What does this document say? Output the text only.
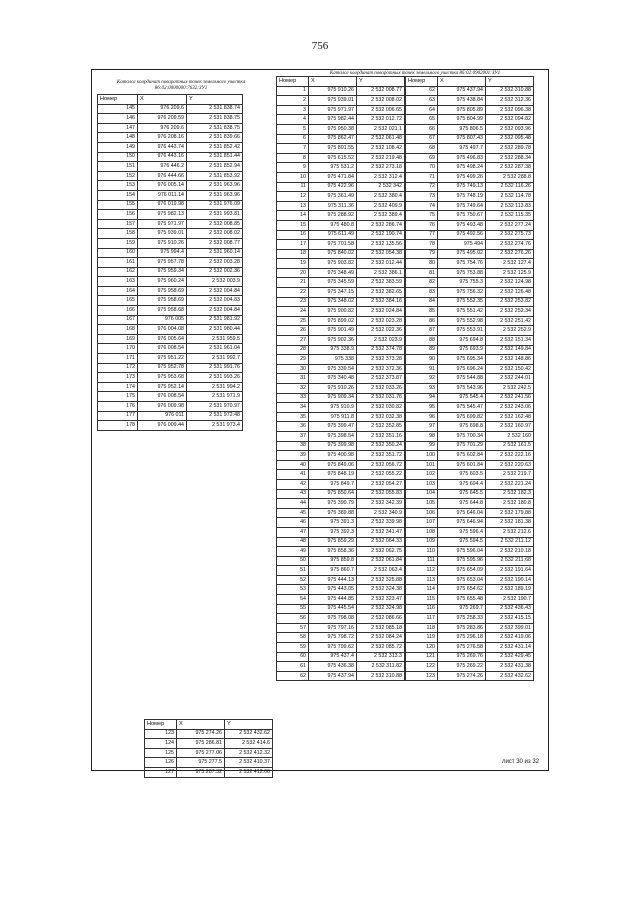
756
Каталог координат поворотных точек земельного участка 86:02:0000000:7632:ЗУ1
Каталог координат поворотных точек земельного участка 86:02:0902001:ЗУ1
Номер	X	Y
145	976 209.6	2 531 838.74
146	976 209.59	2 531 838.75
147	976 209.6	2 531 838.75
148	976 208.16	2 531 839.66
149	976 443.74	2 531 852.42
150	976 443.16	2 531 851.44
151	976 446.2	2 531 852.94
152	976 444.66	2 531 853.92
153	976 005.14	2 531 963.96
154	976 011.14	2 531 963.96
155	976 019.98	2 531 976.09
156	975 982.13	2 531 993.81
157	975 971.97	2 532 008.85
158	975 939.01	2 532 008.02
159	975 910.26	2 532 008.77
160	975 994.4	2 531 960.14
161	975 957.78	2 532 003.28
162	975 959.34	2 532 002.36
163	975 960.24	2 532 003.9
164	975 958.69	2 532 004.84
165	975 958.69	2 532 004.83
166	975 958.68	2 532 004.84
167	976 005	2 531 981.92
168	976 004.08	2 531 980.44
169	976 005.64	2 531 959.5
170	976 008.54	2 531 961.04
171	975 951.22	2 531 992.7
172	975 952.78	2 531 991.76
173	975 953.68	2 531 993.26
174	975 952.14	2 531 994.2
175	976 008.54	2 531 971.9
176	976 009.98	2 531 970.97
177	976 011	2 531 972.48
178	976 009.44	2 531 973.4
Номер	X	Y
123	975 274.26	2 532 432.62
124	975 286.81	2 532 414.6
125	975 277.06	2 532 412.32
126	975 277.5	2 532 410.37
127	975 287.32	2 532 412.66
Номер	X	Y
1	975 910.26	2 532 008.77
2	975 939.01	2 532 008.02
3	975 971.97	2 532 006.65
4	975 982.44	2 532 012.72
5	975 950.38	2 532 021.1
6	975 862.47	2 532 061.48
7	975 801.55	2 532 108.42
8	975 615.52	2 532 219.48
9	975 531.2	2 532 273.18
10	975 471.84	2 532 312.4
11	975 422.96	2 532 342
12	975 361.49	2 532 380.4
13	975 311.36	2 532 409.9
14	975 288.92	2 532 389.4
15	975 480.8	2 532 286.74
16	975 611.49	2 532 190.74
17	975 701.58	2 532 135.56
18	975 840.02	2 532 054.38
19	975 903.82	2 532 012.44
20	975 348.49	2 532 386.1
21	975 345.59	2 532 383.59
22	975 347.15	2 532 382.65
23	975 348.02	2 532 384.16
24	975 900.82	2 532 024.84
25	975 899.02	2 532 023.28
26	975 901.49	2 532 022.36
27	975 902.36	2 532 023.9
28	975 338.9	2 532 374.78
29	975 338	2 532 373.28
30	975 339.54	2 532 372.36
31	975 340.48	2 532 373.87
32	975 910.26	2 532 033.26
33	975 909.34	2 532 031.76
34	975 910.9	2 532 030.82
35	975 911.8	2 532 032.38
36	975 399.47	2 532 352.85
37	975 398.54	2 532 351.16
38	975 399.98	2 532 350.24
39	975 400.98	2 532 351.72
40	975 849.06	2 532 056.72
41	975 848.19	2 532 055.22
42	975 849.7	2 532 054.27
43	975 850.64	2 532 055.83
44	975 390.79	2 532 342.39
45	975 389.88	2 532 340.9
46	975 391.3	2 532 339.98
47	975 392.3	2 532 341.47
48	975 859.29	2 532 064.33
49	975 858.36	2 532 062.75
50	975 859.8	2 532 061.84
51	975 860.7	2 532 063.4
52	975 444.13	2 532 325.88
53	975 443.05	2 532 324.38
54	975 444.85	2 532 323.47
55	975 445.54	2 532 324.98
56	975 798.08	2 532 086.66
57	975 797.16	2 532 085.18
58	975 798.72	2 532 084.24
59	975 799.62	2 532 085.72
60	975 437.4	2 532 313.3
61	975 436.38	2 532 311.82
62	975 437.94	2 532 310.88
Номер	X	Y
62	975 437.94	2 532 310.88
63	975 438.84	2 532 312.36
64	975 805.89	2 532 096.38
65	975 804.99	2 532 094.82
66	975 806.5	2 532 093.96
67	975 807.43	2 532 095.48
68	975 497.7	2 532 289.78
69	975 496.83	2 532 288.34
70	975 498.24	2 532 287.38
71	975 499.26	2 532 288.8
72	975 749.13	2 532 116.26
73	975 748.19	2 532 114.78
74	975 749.64	2 532 113.83
75	975 750.67	2 532 115.35
76	975 493.48	2 532 277.24
77	975 492.56	2 532 275.73
78	975 494	2 532 274.76
79	975 495.02	2 532 276.26
80	975 754.76	2 532 127.4
81	975 753.88	2 532 125.9
82	975 755.3	2 532 124.98
83	975 756.32	2 532 126.48
84	975 552.35	2 532 253.82
85	975 551.42	2 532 252.34
86	975 552.98	2 532 251.42
87	975 553.91	2 532 252.9
88	975 694.8	2 532 151.34
89	975 693.9	2 532 149.84
90	975 695.34	2 532 148.86
91	975 696.24	2 532 150.42
92	975 544.88	2 532 244.01
93	975 543.96	2 532 242.5
94	975 545.4	2 532 241.56
95	975 545.47	2 532 243.06
96	975 699.82	2 532 162.48
97	975 698.8	2 532 160.97
98	975 700.34	2 532 160
99	975 701.29	2 532 161.5
100	975 602.84	2 532 222.16
101	975 601.84	2 532 220.63
102	975 603.5	2 532 219.7
103	975 604.4	2 532 221.24
104	975 645.5	2 532 182.3
105	975 644.8	2 532 180.8
106	975 646.04	2 532 179.88
107	975 646.94	2 532 181.38
108	975 596.4	2 532 212.6
109	975 594.5	2 532 211.12
110	975 596.04	2 532 210.18
111	975 595.96	2 532 211.68
112	975 654.09	2 532 191.64
113	975 653.04	2 532 190.14
114	975 654.62	2 532 189.19
115	975 655.48	2 532 190.7
116	975 269.7	2 532 436.43
117	975 258.33	2 532 415.15
118	975 283.86	2 532 399.01
119	975 296.18	2 532 419.06
120	975 276.58	2 532 431.14
121	975 269.76	2 532 429.45
122	975 269.22	2 532 431.38
123	975 274.26	2 532 432.62
лист 30 из 32
